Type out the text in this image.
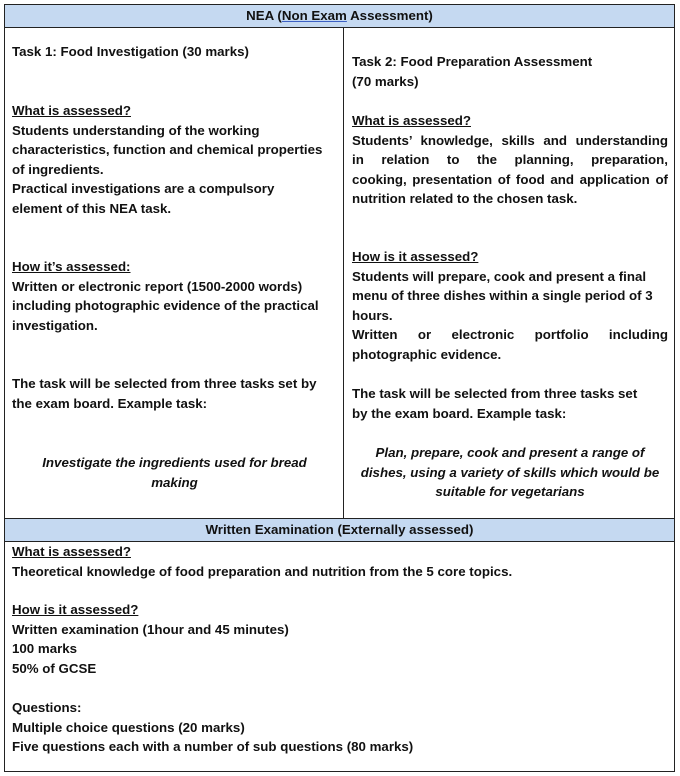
NEA (Non Exam Assessment)

Task 1: Food Investigation (30 marks)

What is assessed?

Students understanding of the working

characteristics, function and chemical properties

of ingredients.

Practical investigations are a compulsory

element of this NEA task.

How it’s assessed:

Written or electronic report (1500-2000 words)

including photographic evidence of the practical

investigation.

The task will be selected from three tasks set by

the exam board. Example task:

Investigate the ingredients used for bread

making

Task 2: Food Preparation Assessment

(70 marks)

What is assessed?

Students’ knowledge, skills and understanding

in relation to the planning, preparation,

cooking, presentation of food and application of

nutrition related to the chosen task.

How is it assessed?

Students will prepare, cook and present a final

menu of three dishes within a single period of 3

hours.

Written or electronic portfolio including

photographic evidence.

The task will be selected from three tasks set

by the exam board. Example task:

Plan, prepare, cook and present a range of

dishes, using a variety of skills which would be

suitable for vegetarians

Written Examination (Externally assessed)

What is assessed?

Theoretical knowledge of food preparation and nutrition from the 5 core topics.

How is it assessed?

Written examination (1hour and 45 minutes)

100 marks

50% of GCSE

Questions:

Multiple choice questions (20 marks)

Five questions each with a number of sub questions (80 marks)
